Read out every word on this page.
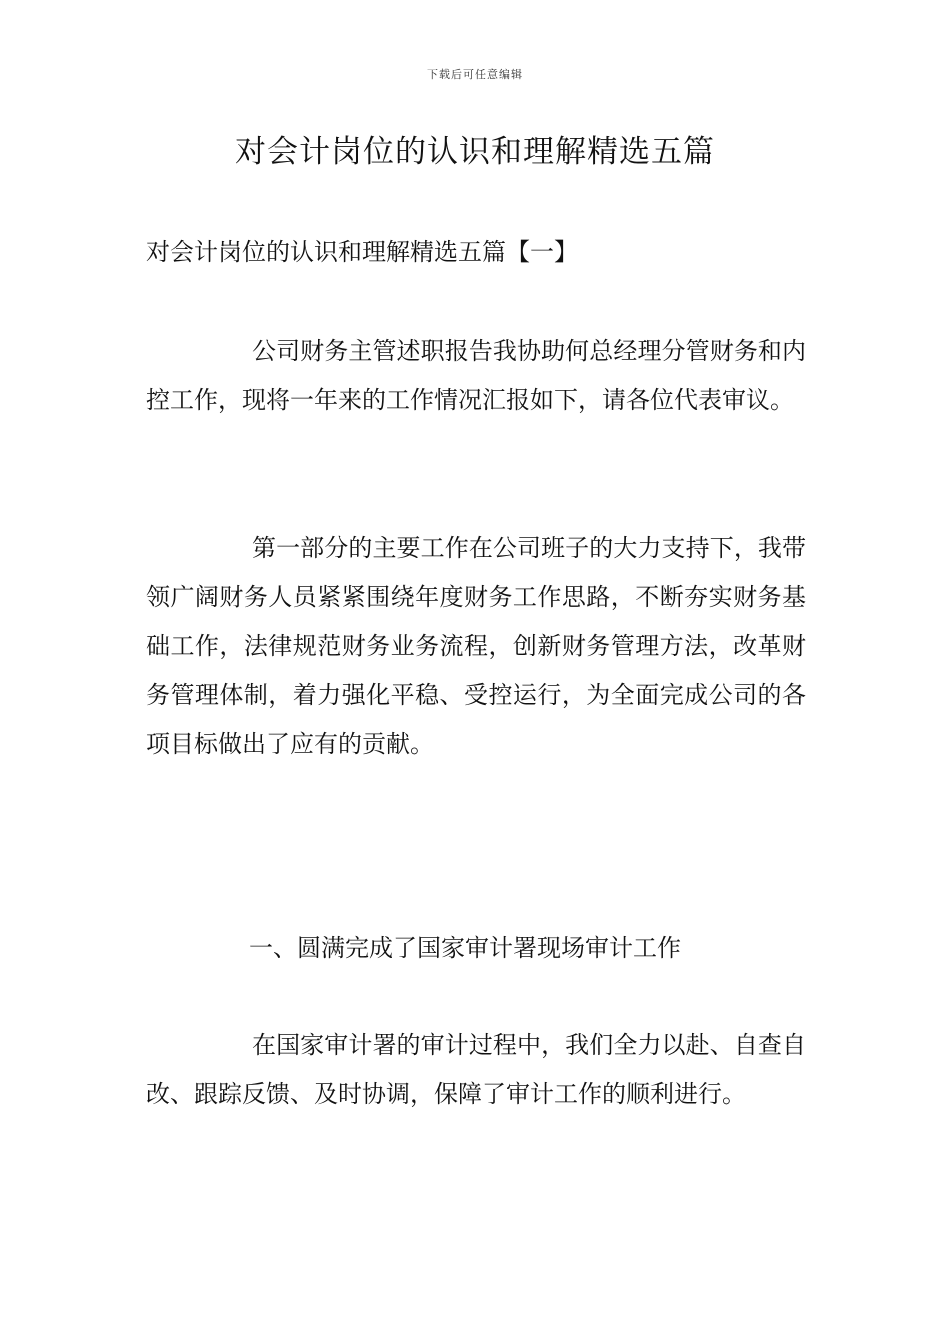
下载后可任意编辑
对会计岗位的认识和理解精选五篇

对会计岗位的认识和理解精选五篇【一】

公司财务主管述职报告我协助何总经理分管财务和内控工作，现将一年来的工作情况汇报如下，请各位代表审议。

第一部分的主要工作在公司班子的大力支持下，我带领广阔财务人员紧紧围绕年度财务工作思路，不断夯实财务基础工作，法律规范财务业务流程，创新财务管理方法，改革财务管理体制，着力强化平稳、受控运行，为全面完成公司的各项目标做出了应有的贡献。

一、圆满完成了国家审计署现场审计工作

在国家审计署的审计过程中，我们全力以赴、自查自改、跟踪反馈、及时协调，保障了审计工作的顺利进行。
